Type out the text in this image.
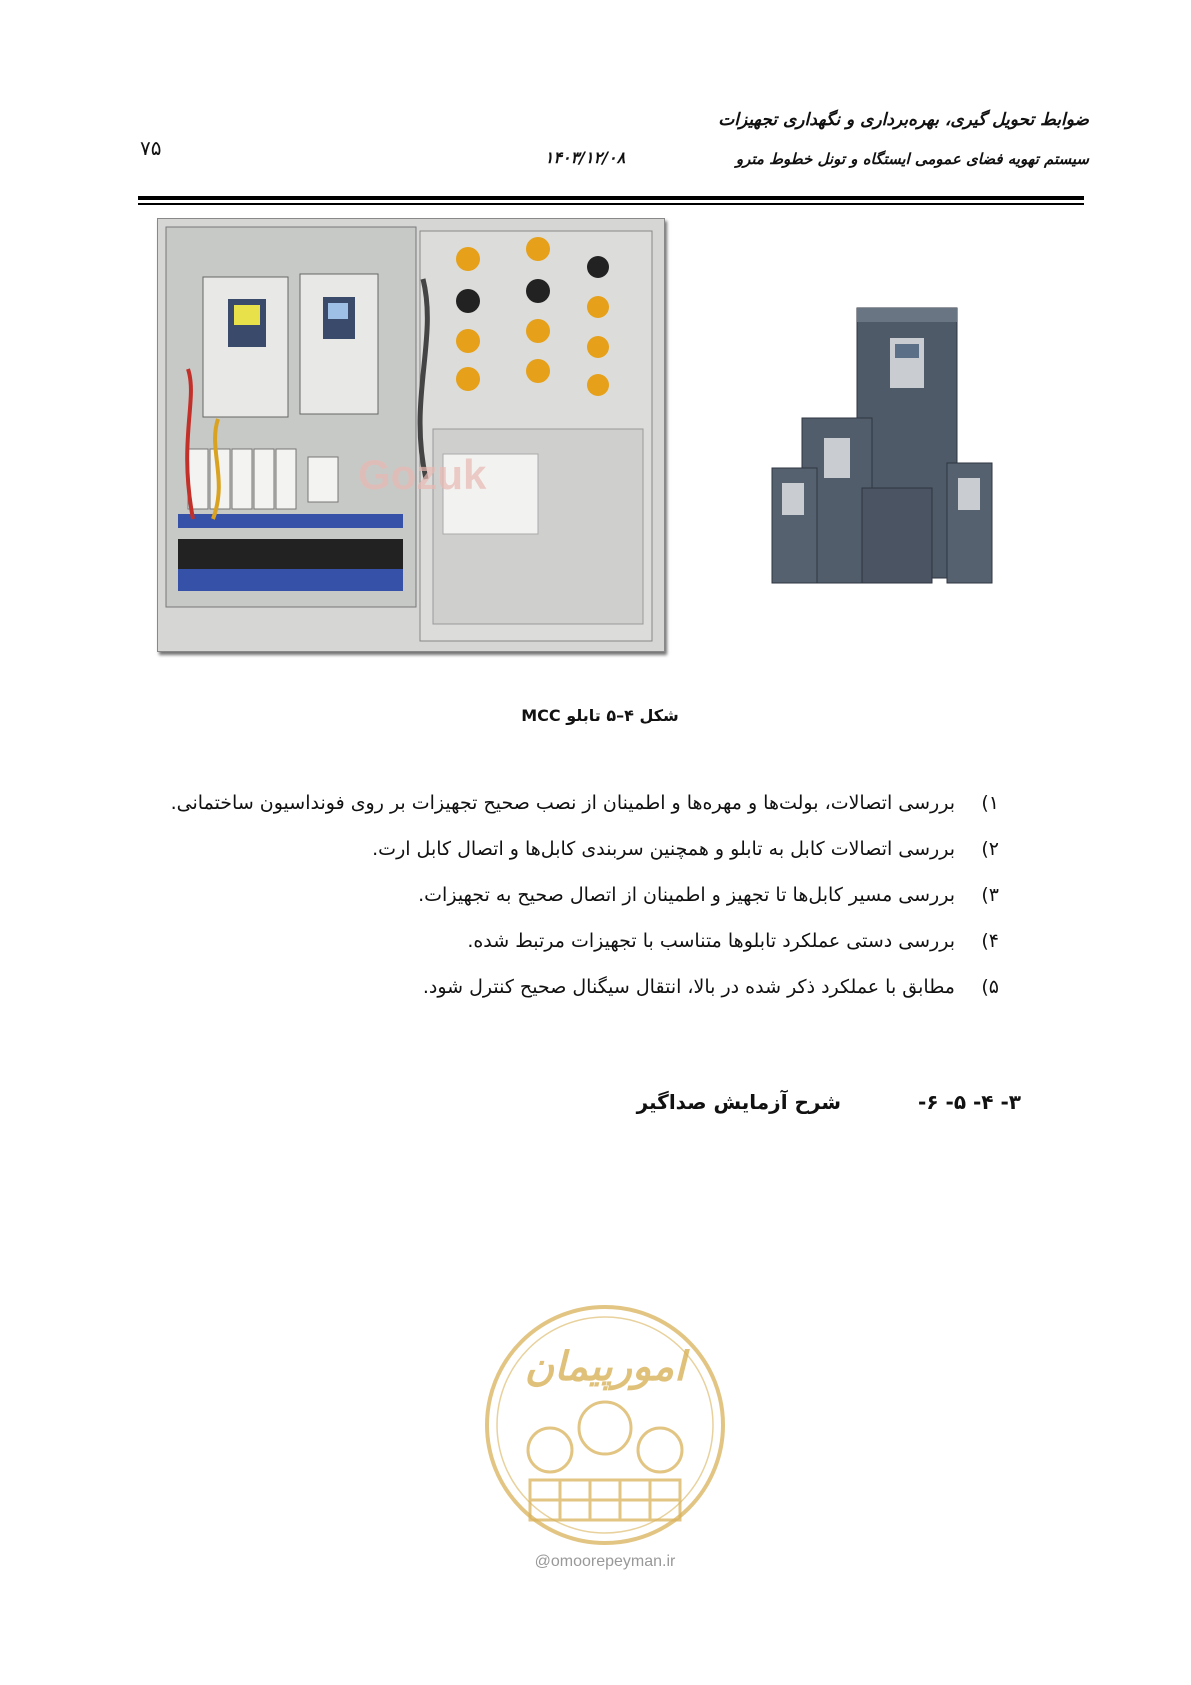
ضوابط تحویل گیری، بهره‌برداری و نگهداری تجهیزات
سیستم تهویه فضای عمومی ایستگاه و تونل خطوط مترو
۱۴۰۳/۱۲/۰۸
۷۵
Gozuk
شکل ۴–۵ تابلو MCC
۱)بررسی اتصالات، بولت‌ها و مهره‌ها و اطمینان از نصب صحیح تجهیزات بر روی فونداسیون ساختمانی.
۲)بررسی اتصالات کابل به تابلو و همچنین سربندی کابل‌ها و اتصال کابل ارت.
۳)بررسی مسیر کابل‌ها تا تجهیز و اطمینان از اتصال صحیح به تجهیزات.
۴)بررسی دستی عملکرد تابلوها متناسب با تجهیزات مرتبط شده.
۵)مطابق با عملکرد ذکر شده در بالا، انتقال سیگنال صحیح کنترل شود.
۳- ۴- ۵- ۶- شرح آزمایش صداگیر
امورپیمان
@omoorepeyman.ir
